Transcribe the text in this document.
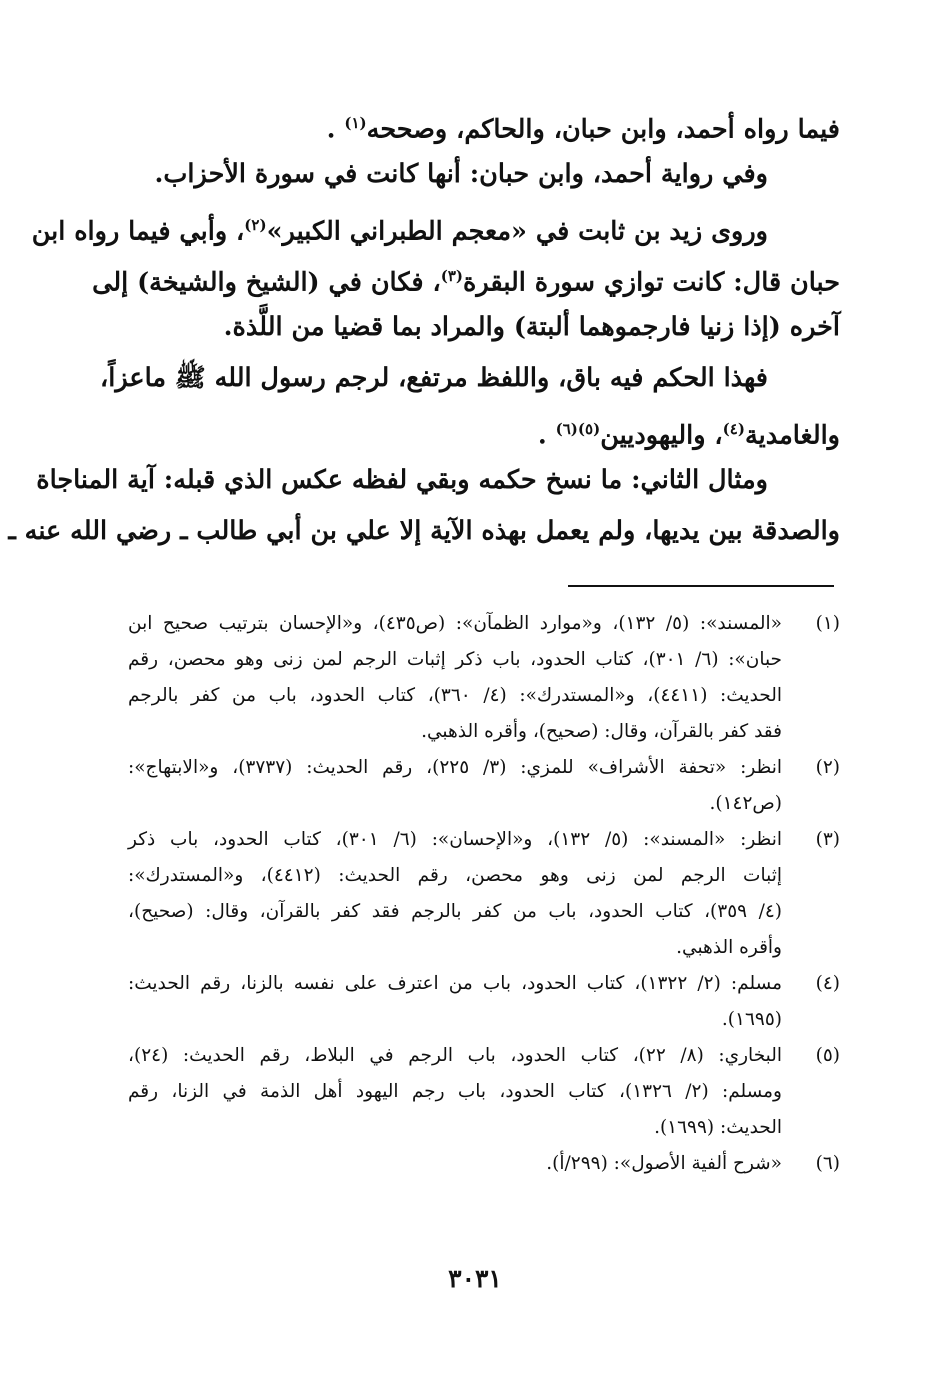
فيما رواه أحمد، وابن حبان، والحاكم، وصححه$^{(١)}$ .
وفي رواية أحمد، وابن حبان: أنها كانت في سورة الأحزاب.
وروى زيد بن ثابت في «معجم الطبراني الكبير»$^{(٢)}$، وأبي فيما رواه ابن
حبان قال: كانت توازي سورة البقرة$^{(٣)}$، فكان في (الشيخ والشيخة) إلى
آخره (إذا زنيا فارجموهما ألبتة) والمراد بما قضيا من اللَّذة.
فهذا الحكم فيه باق، واللفظ مرتفع، لرجم رسول الله ﷺ ماعزاً،
والغامدية$^{(٤)}$، واليهوديين$^{(٥)(٦)}$ .
ومثال الثاني: ما نسخ حكمه وبقي لفظه عكس الذي قبله: آية المناجاة
والصدقة بين يديها، ولم يعمل بهذه الآية إلا علي بن أبي طالب ـ رضي الله عنه ـ
(١)
«المسند»: (٥/ ١٣٢)، و«موارد الظمآن»: (ص٤٣٥)، و«الإحسان بترتيب صحيح ابن
حبان»: (٦/ ٣٠١)، كتاب الحدود، باب ذكر إثبات الرجم لمن زنى وهو محصن، رقم
الحديث: (٤٤١١)، و«المستدرك»: (٤/ ٣٦٠)، كتاب الحدود، باب من كفر بالرجم
فقد كفر بالقرآن، وقال: (صحيح)، وأقره الذهبي.
(٢)
انظر: «تحفة الأشراف» للمزي: (٣/ ٢٢٥)، رقم الحديث: (٣٧٣٧)، و«الابتهاج»:
(ص١٤٢).
(٣)
انظر: «المسند»: (٥/ ١٣٢)، و«الإحسان»: (٦/ ٣٠١)، كتاب الحدود، باب ذكر
إثبات الرجم لمن زنى وهو محصن، رقم الحديث: (٤٤١٢)، و«المستدرك»:
(٤/ ٣٥٩)، كتاب الحدود، باب من كفر بالرجم فقد كفر بالقرآن، وقال: (صحيح)،
وأقره الذهبي.
(٤)
مسلم: (٢/ ١٣٢٢)، كتاب الحدود، باب من اعترف على نفسه بالزنا، رقم الحديث:
(١٦٩٥).
(٥)
البخاري: (٨/ ٢٢)، كتاب الحدود، باب الرجم في البلاط، رقم الحديث: (٢٤)،
ومسلم: (٢/ ١٣٢٦)، كتاب الحدود، باب رجم اليهود أهل الذمة في الزنا، رقم
الحديث: (١٦٩٩).
(٦)
«شرح ألفية الأصول»: (٢٩٩/أ).
٣٠٣١
